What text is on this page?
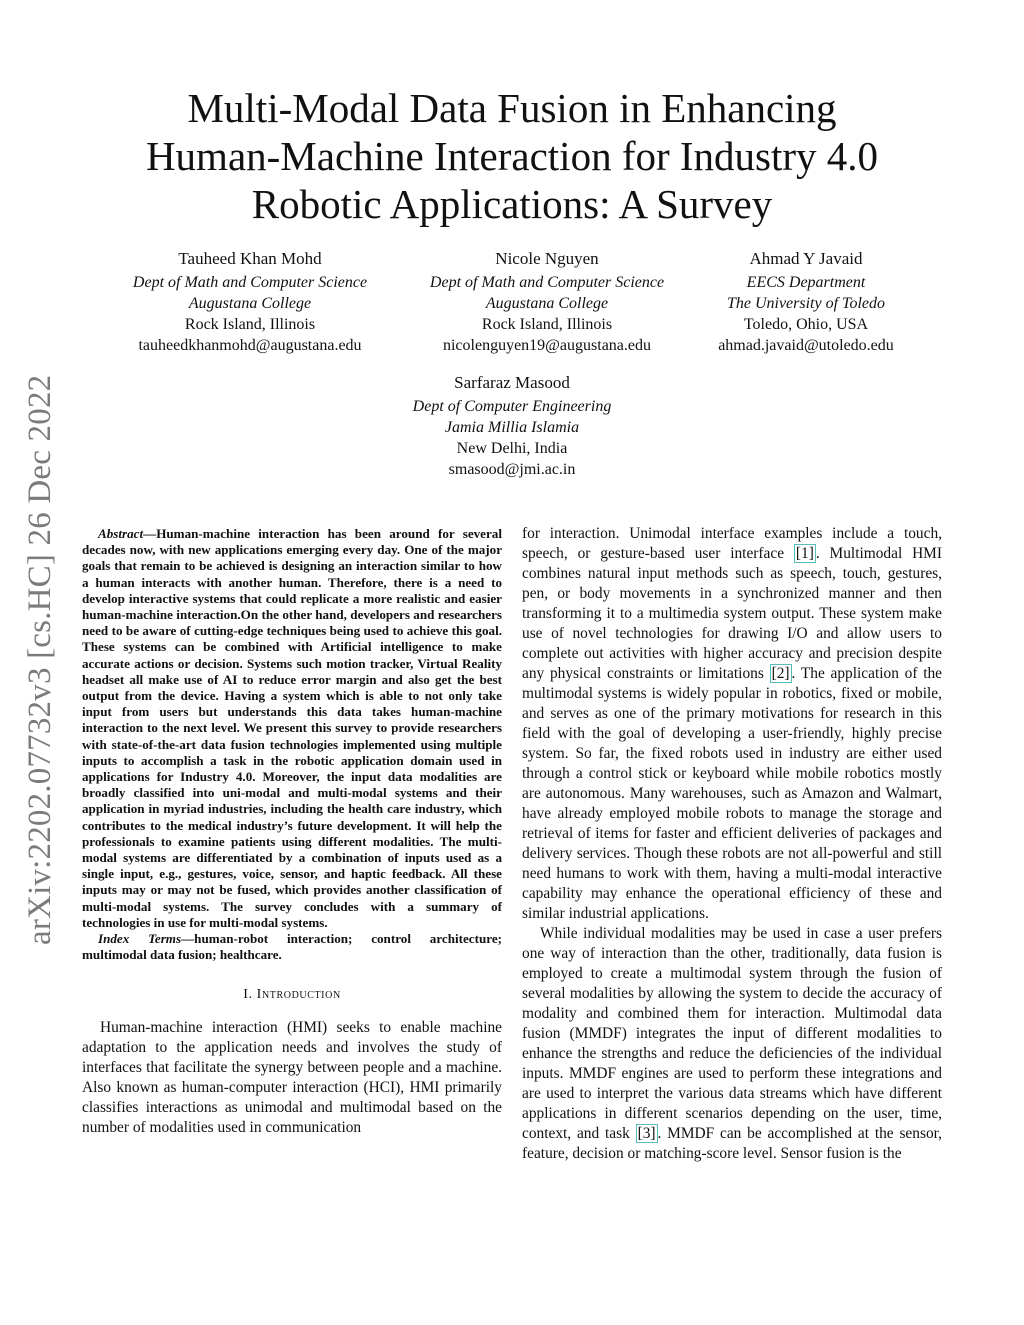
arXiv:2202.07732v3 [cs.HC] 26 Dec 2022
Multi-Modal Data Fusion in Enhancing
Human-Machine Interaction for Industry 4.0
Robotic Applications: A Survey
Tauheed Khan Mohd
Dept of Math and Computer Science
Augustana College
Rock Island, Illinois
tauheedkhanmohd@augustana.edu
Nicole Nguyen
Dept of Math and Computer Science
Augustana College
Rock Island, Illinois
nicolenguyen19@augustana.edu
Ahmad Y Javaid
EECS Department
The University of Toledo
Toledo, Ohio, USA
ahmad.javaid@utoledo.edu
Sarfaraz Masood
Dept of Computer Engineering
Jamia Millia Islamia
New Delhi, India
smasood@jmi.ac.in

Abstract—Human-machine interaction has been around for several decades now, with new applications emerging every day. One of the major goals that remain to be achieved is designing an interaction similar to how a human interacts with another human. Therefore, there is a need to develop interactive systems that could replicate a more realistic and easier human-machine interaction.On the other hand, developers and researchers need to be aware of cutting-edge techniques being used to achieve this goal. These systems can be combined with Artificial intelligence to make accurate actions or decision. Systems such motion tracker, Virtual Reality headset all make use of AI to reduce error margin and also get the best output from the device. Having a system which is able to not only take input from users but understands this data takes human-machine interaction to the next level. We present this survey to provide researchers with state-of-the-art data fusion technologies implemented using multiple inputs to accomplish a task in the robotic application domain used in applications for Industry 4.0. Moreover, the input data modalities are broadly classified into uni-modal and multi-modal systems and their application in myriad industries, including the health care industry, which contributes to the medical industry’s future development. It will help the professionals to examine patients using different modalities. The multi-modal systems are differentiated by a combination of inputs used as a single input, e.g., gestures, voice, sensor, and haptic feedback. All these inputs may or may not be fused, which provides another classification of multi-modal systems. The survey concludes with a summary of technologies in use for multi-modal systems.

Index Terms—human-robot interaction; control architecture; multimodal data fusion; healthcare.

I. Introduction

Human-machine interaction (HMI) seeks to enable machine adaptation to the application needs and involves the study of interfaces that facilitate the synergy between people and a machine. Also known as human-computer interaction (HCI), HMI primarily classifies interactions as unimodal and multimodal based on the number of modalities used in communication

for interaction. Unimodal interface examples include a touch, speech, or gesture-based user interface [1] . Multimodal HMI combines natural input methods such as speech, touch, gestures, pen, or body movements in a synchronized manner and then transforming it to a multimedia system output. These system make use of novel technologies for drawing I/O and allow users to complete out activities with higher accuracy and precision despite any physical constraints or limitations [2] . The application of the multimodal systems is widely popular in robotics, fixed or mobile, and serves as one of the primary motivations for research in this field with the goal of developing a user-friendly, highly precise system. So far, the fixed robots used in industry are either used through a control stick or keyboard while mobile robotics mostly are autonomous. Many warehouses, such as Amazon and Walmart, have already employed mobile robots to manage the storage and retrieval of items for faster and efficient deliveries of packages and delivery services. Though these robots are not all-powerful and still need humans to work with them, having a multi-modal interactive capability may enhance the operational efficiency of these and similar industrial applications.

While individual modalities may be used in case a user prefers one way of interaction than the other, traditionally, data fusion is employed to create a multimodal system through the fusion of several modalities by allowing the system to decide the accuracy of modality and combined them for interaction. Multimodal data fusion (MMDF) integrates the input of different modalities to enhance the strengths and reduce the deficiencies of the individual inputs. MMDF engines are used to perform these integrations and are used to interpret the various data streams which have different applications in different scenarios depending on the user, time, context, and task [3] . MMDF can be accomplished at the sensor, feature, decision or matching-score level. Sensor fusion is the
